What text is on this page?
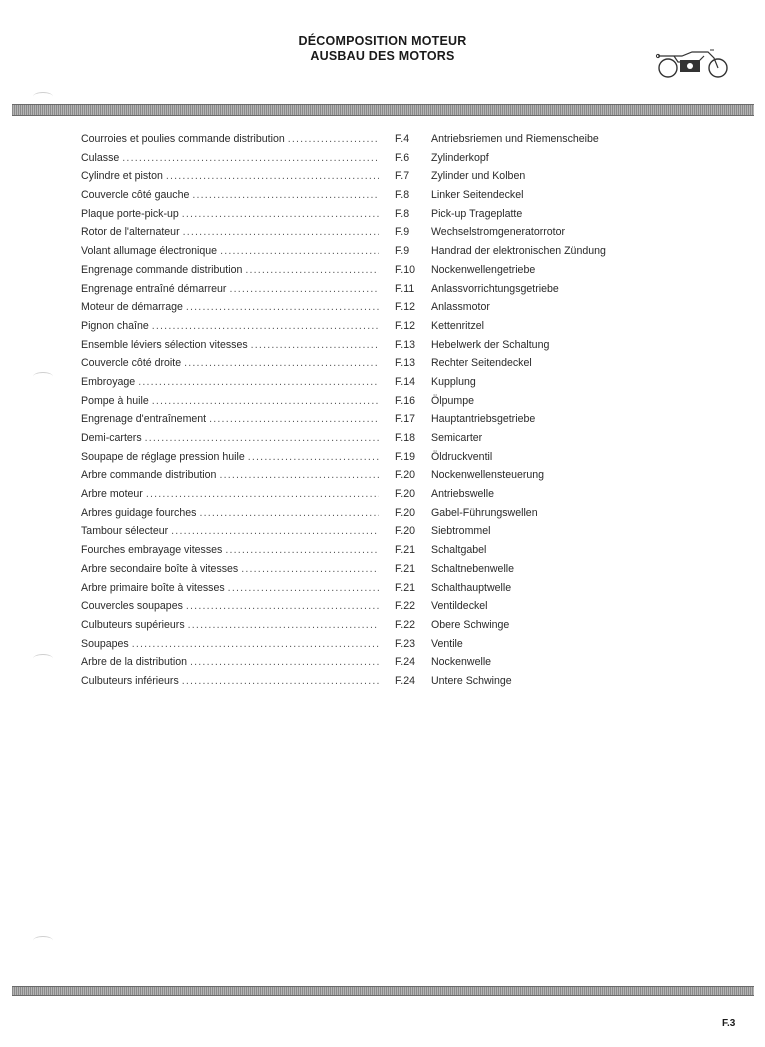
DÉCOMPOSITION MOTEUR
AUSBAU DES MOTORS
Courroies et poulies commande distribution .....	F.4	Antriebsriemen und Riemenscheibe
Culasse .....	F.6	Zylinderkopf
Cylindre et piston .....	F.7	Zylinder und Kolben
Couvercle côté gauche .....	F.8	Linker Seitendeckel
Plaque porte-pick-up .....	F.8	Pick-up Trageplatte
Rotor de l'alternateur .....	F.9	Wechselstromgeneratorrotor
Volant allumage électronique .....	F.9	Handrad der elektronischen Zündung
Engrenage commande distribution .....	F.10	Nockenwellengetriebe
Engrenage entraîné démarreur .....	F.11	Anlassvorrichtungsgetriebe
Moteur de démarrage .....	F.12	Anlassmotor
Pignon chaîne .....	F.12	Kettenritzel
Ensemble léviers sélection vitesses .....	F.13	Hebelwerk der Schaltung
Couvercle côté droite .....	F.13	Rechter Seitendeckel
Embroyage .....	F.14	Kupplung
Pompe à huile .....	F.16	Ölpumpe
Engrenage d'entraînement .....	F.17	Hauptantriebsgetriebe
Demi-carters .....	F.18	Semicarter
Soupape de réglage pression huile .....	F.19	Öldruckventil
Arbre commande distribution .....	F.20	Nockenwellensteuerung
Arbre moteur .....	F.20	Antriebswelle
Arbres guidage fourches .....	F.20	Gabel-Führungswellen
Tambour sélecteur .....	F.20	Siebtrommel
Fourches embrayage vitesses .....	F.21	Schaltgabel
Arbre secondaire boîte à vitesses .....	F.21	Schaltnebenwelle
Arbre primaire boîte à vitesses .....	F.21	Schalthauptwelle
Couvercles soupapes .....	F.22	Ventildeckel
Culbuteurs supérieurs .....	F.22	Obere Schwinge
Soupapes .....	F.23	Ventile
Arbre de la distribution .....	F.24	Nockenwelle
Culbuteurs inférieurs .....	F.24	Untere Schwinge
F.3
